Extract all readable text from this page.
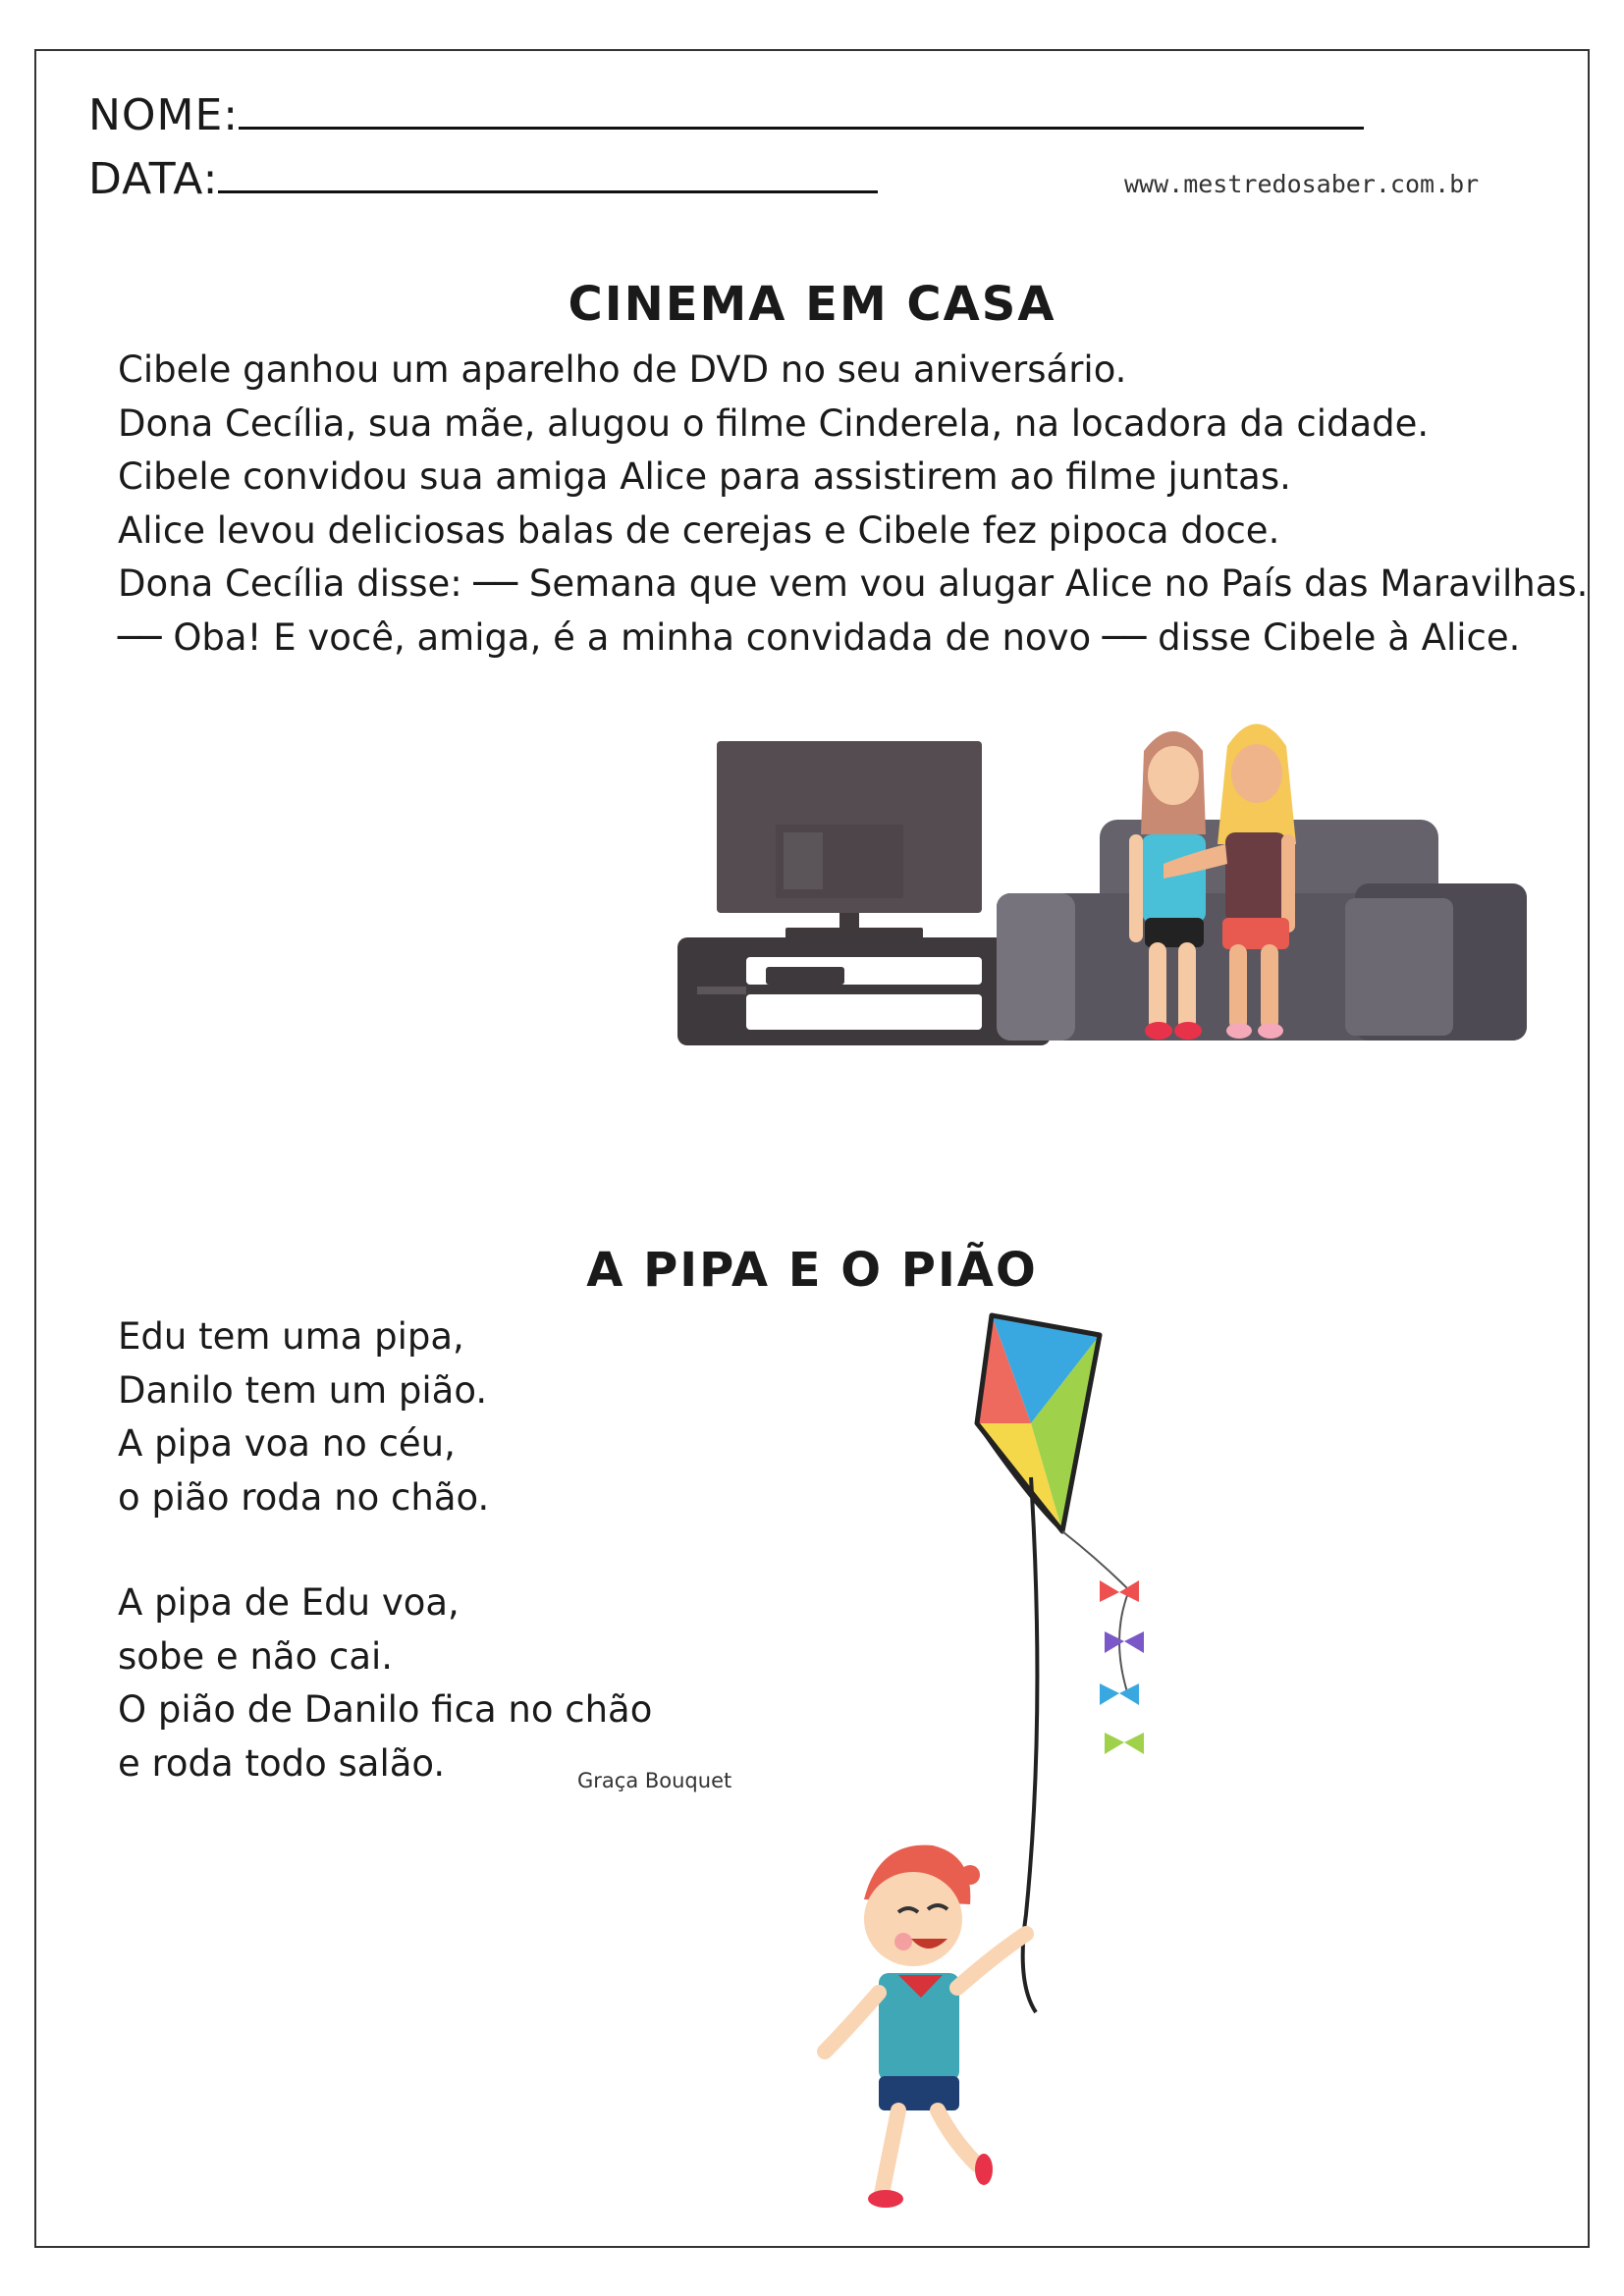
NOME:
DATA:	www.mestredosaber.com.br
CINEMA EM CASA
Cibele ganhou um aparelho de DVD no seu aniversário.
Dona Cecília, sua mãe, alugou o filme Cinderela, na locadora da cidade.
Cibele convidou sua amiga Alice para assistirem ao filme juntas.
Alice levou deliciosas balas de cerejas e Cibele fez pipoca doce.
Dona Cecília disse: ── Semana que vem vou alugar Alice no País das Maravilhas.
── Oba! E você, amiga, é a minha convidada de novo ── disse Cibele à Alice.
A PIPA E O PIÃO
Edu tem uma pipa,
Danilo tem um pião.
A pipa voa no céu,
o pião roda no chão.
A pipa de Edu voa,
sobe e não cai.
O pião de Danilo fica no chão
e roda todo salão.	Graça Bouquet
